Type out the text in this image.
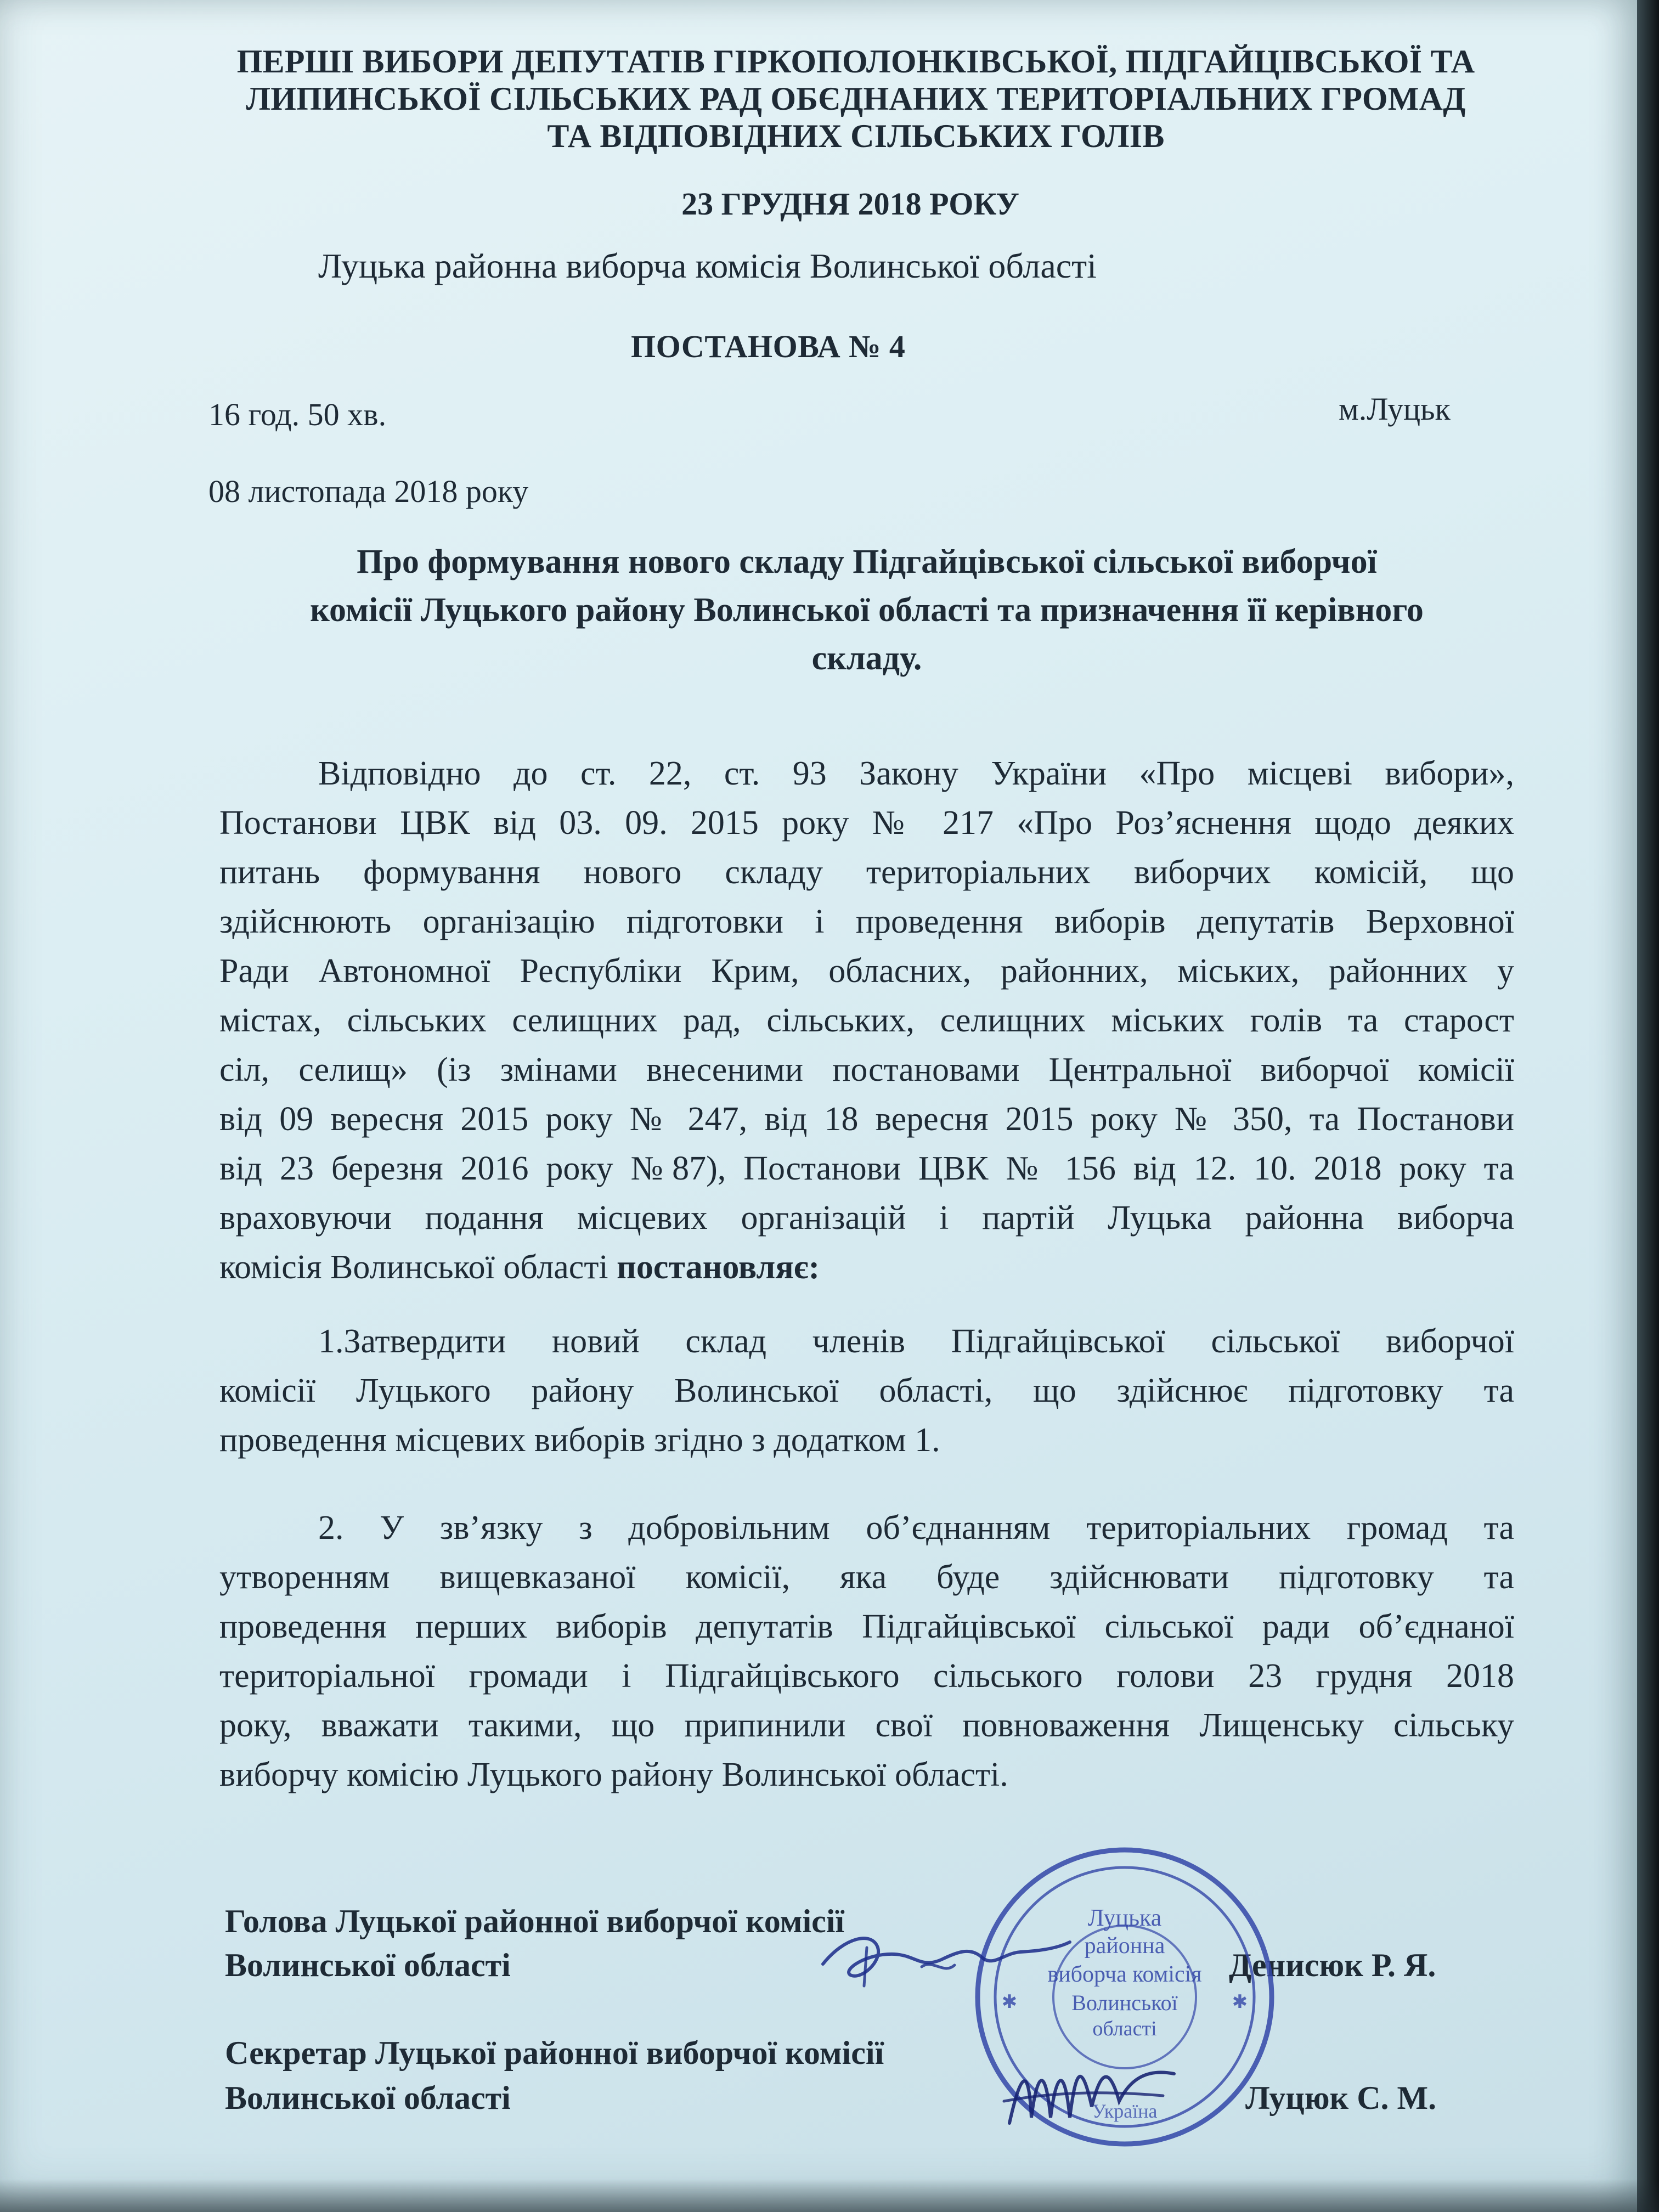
ПЕРШІ ВИБОРИ ДЕПУТАТІВ ГІРКОПОЛОНКІВСЬКОЇ, ПІДГАЙЦІВСЬКОЇ ТА
ЛИПИНСЬКОЇ СІЛЬСЬКИХ РАД ОБЄДНАНИХ ТЕРИТОРІАЛЬНИХ ГРОМАД
ТА ВІДПОВІДНИХ СІЛЬСЬКИХ ГОЛІВ
23 ГРУДНЯ 2018 РОКУ
Луцька районна виборча комісія Волинської області
ПОСТАНОВА № 4
16 год. 50 хв.	м.Луцьк
08 листопада 2018 року
Про формування нового складу Підгайцівської сільської виборчої
комісії Луцького району Волинської області та призначення її керівного
складу.
Відповідно до ст. 22, ст. 93 Закону України «Про місцеві вибори»,
Постанови ЦВК від 03. 09. 2015 року № 217 «Про Роз’яснення щодо деяких
питань формування нового складу територіальних виборчих комісій, що
здійснюють організацію підготовки і проведення виборів депутатів Верховної
Ради Автономної Республіки Крим, обласних, районних, міських, районних у
містах, сільських селищних рад, сільських, селищних міських голів та старост
сіл, селищ» (із змінами внесеними постановами Центральної виборчої комісії
від 09 вересня 2015 року № 247, від 18 вересня 2015 року № 350, та Постанови
від 23 березня 2016 року №87), Постанови ЦВК № 156 від 12. 10. 2018 року та
враховуючи подання місцевих організацій і партій Луцька районна виборча
комісія Волинської області постановляє:
1.Затвердити новий склад членів Підгайцівської сільської виборчої
комісії Луцького району Волинської області, що здійснює підготовку та
проведення місцевих виборів згідно з додатком 1.
2. У зв’язку з добровільним об’єднанням територіальних громад та
утворенням вищевказаної комісії, яка буде здійснювати підготовку та
проведення перших виборів депутатів Підгайцівської сільської ради об’єднаної
територіальної громади і Підгайцівського сільського голови 23 грудня 2018
року, вважати такими, що припинили свої повноваження Лищенську сільську
виборчу комісію Луцького району Волинської області.
Голова Луцької районної виборчої комісії
Волинської області	Денисюк Р. Я.
Секретар Луцької районної виборчої комісії
Волинської області	Луцюк С. М.
Луцька
районна
виборча комісія
Волинської
області
Україна
✱	✱
